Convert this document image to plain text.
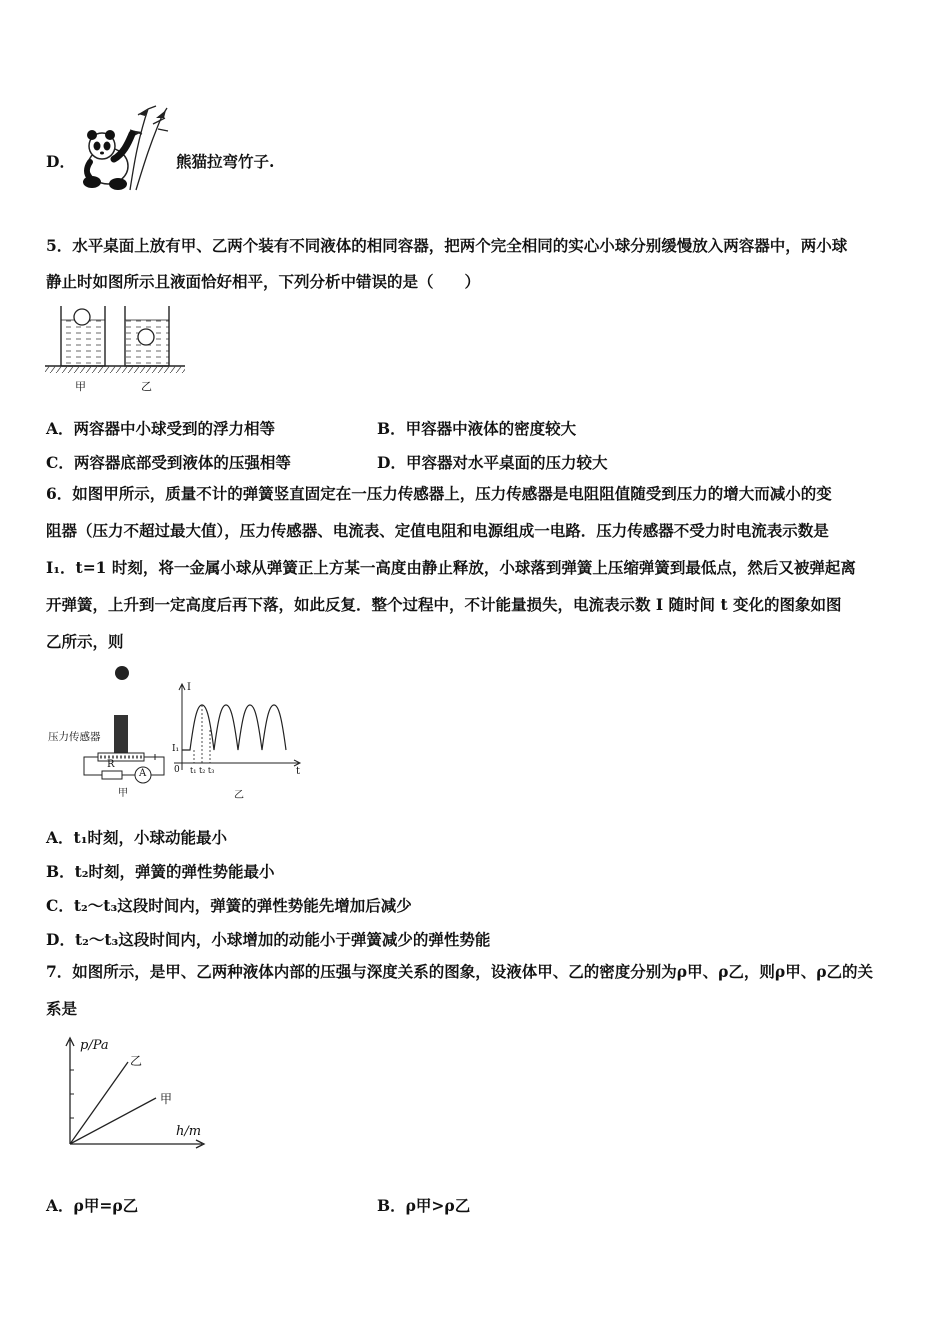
D．	熊猫拉弯竹子.
5．水平桌面上放有甲、乙两个装有不同液体的相同容器，把两个完全相同的实心小球分别缓慢放入两容器中，两小球
静止时如图所示且液面恰好相平，下列分析中错误的是（　　）
甲	乙
A．两容器中小球受到的浮力相等	B．甲容器中液体的密度较大
C．两容器底部受到液体的压强相等	D．甲容器对水平桌面的压力较大
6．如图甲所示，质量不计的弹簧竖直固定在一压力传感器上，压力传感器是电阻阻值随受到压力的增大而减小的变
阻器（压力不超过最大值），压力传感器、电流表、定值电阻和电源组成一电路．压力传感器不受力时电流表示数是
I₁．t=1 时刻，将一金属小球从弹簧正上方某一高度由静止释放，小球落到弹簧上压缩弹簧到最低点，然后又被弹起离
开弹簧，上升到一定高度后再下落，如此反复．整个过程中，不计能量损失，电流表示数 I 随时间 t 变化的图象如图
乙所示，则
压力传感器
R
A
甲	乙
I
t
I₁
0 t₁ t₂ t₃
A．t₁时刻，小球动能最小
B．t₂时刻，弹簧的弹性势能最小
C．t₂～t₃这段时间内，弹簧的弹性势能先增加后减少
D．t₂～t₃这段时间内，小球增加的动能小于弹簧减少的弹性势能
7．如图所示，是甲、乙两种液体内部的压强与深度关系的图象，设液体甲、乙的密度分别为ρ甲、ρ乙，则ρ甲、ρ乙的关
系是
p/Pa
h/m
乙
甲
A．ρ甲=ρ乙	B．ρ甲>ρ乙
